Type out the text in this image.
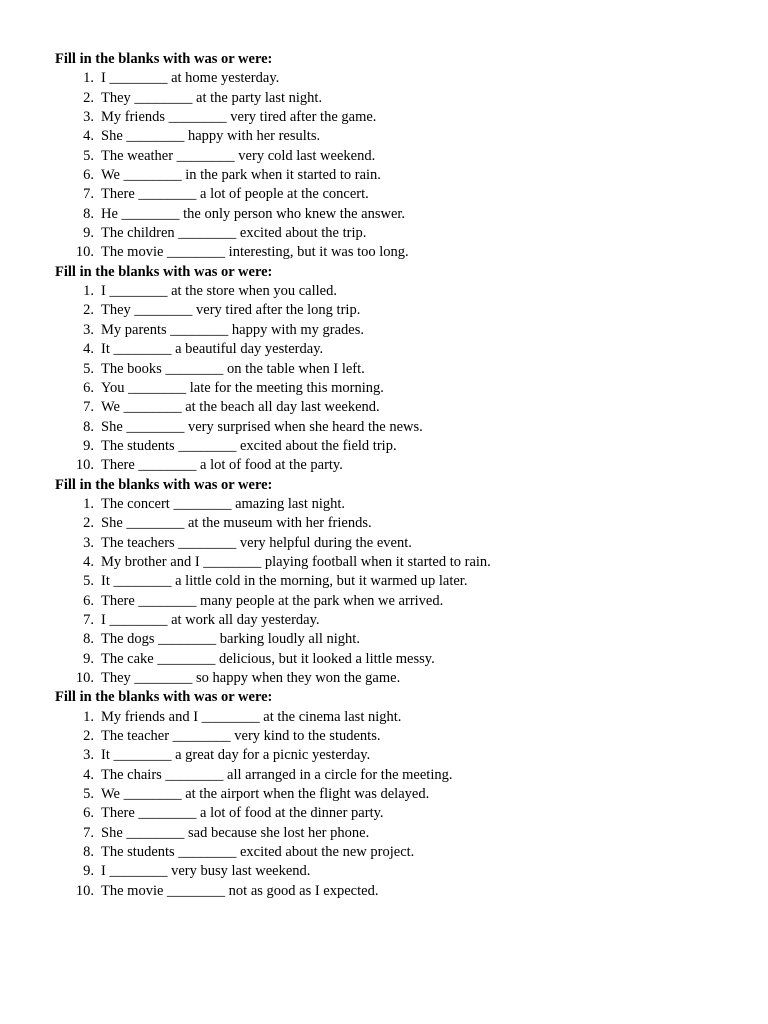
Fill in the blanks with was or were:
1. I ________ at home yesterday.
2. They ________ at the party last night.
3. My friends ________ very tired after the game.
4. She ________ happy with her results.
5. The weather ________ very cold last weekend.
6. We ________ in the park when it started to rain.
7. There ________ a lot of people at the concert.
8. He ________ the only person who knew the answer.
9. The children ________ excited about the trip.
10. The movie ________ interesting, but it was too long.
Fill in the blanks with was or were:
1. I ________ at the store when you called.
2. They ________ very tired after the long trip.
3. My parents ________ happy with my grades.
4. It ________ a beautiful day yesterday.
5. The books ________ on the table when I left.
6. You ________ late for the meeting this morning.
7. We ________ at the beach all day last weekend.
8. She ________ very surprised when she heard the news.
9. The students ________ excited about the field trip.
10. There ________ a lot of food at the party.
Fill in the blanks with was or were:
1. The concert ________ amazing last night.
2. She ________ at the museum with her friends.
3. The teachers ________ very helpful during the event.
4. My brother and I ________ playing football when it started to rain.
5. It ________ a little cold in the morning, but it warmed up later.
6. There ________ many people at the park when we arrived.
7. I ________ at work all day yesterday.
8. The dogs ________ barking loudly all night.
9. The cake ________ delicious, but it looked a little messy.
10. They ________ so happy when they won the game.
Fill in the blanks with was or were:
1. My friends and I ________ at the cinema last night.
2. The teacher ________ very kind to the students.
3. It ________ a great day for a picnic yesterday.
4. The chairs ________ all arranged in a circle for the meeting.
5. We ________ at the airport when the flight was delayed.
6. There ________ a lot of food at the dinner party.
7. She ________ sad because she lost her phone.
8. The students ________ excited about the new project.
9. I ________ very busy last weekend.
10. The movie ________ not as good as I expected.
